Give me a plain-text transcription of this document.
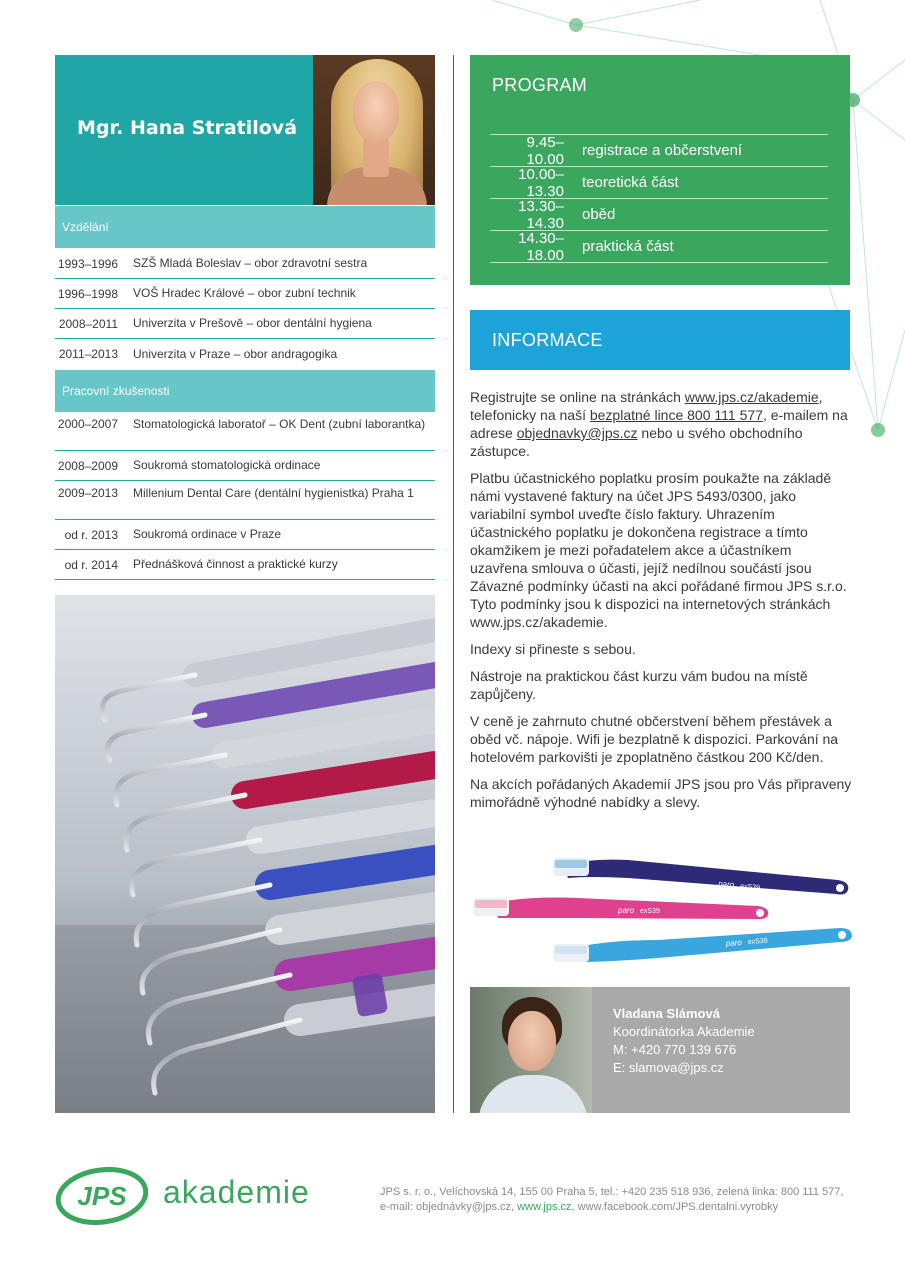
Mgr. Hana Stratilová
Vzdělání
1993–1996	SZŠ Mladá Boleslav – obor zdravotní sestra
1996–1998	VOŠ Hradec Králové – obor zubní technik
2008–2011	Univerzita v Prešově – obor dentální hygiena
2011–2013	Univerzita v Praze – obor andragogika
Pracovní zkušenosti
2000–2007	Stomatologická laboratoř – OK Dent (zubní laborantka)
2008–2009	Soukromá stomatologická ordinace
2009–2013	Millenium Dental Care (dentální hygienistka) Praha 1
od r. 2013	Soukromá ordinace v Praze
od r. 2014	Přednášková činnost a praktické kurzy
PROGRAM
9.45–10.00	registrace a občerstvení
10.00–13.30	teoretická část
13.30–14.30	oběd
14.30–18.00	praktická část
INFORMACE

Registrujte se online na stránkách www.jps.cz/akademie, telefonicky na naší bezplatné lince 800 111 577, e-mailem na adrese objednavky@jps.cz nebo u svého obchodního zástupce.

Platbu účastnického poplatku prosím poukažte na základě námi vystavené faktury na účet JPS 5493/0300, jako variabilní symbol uveďte číslo faktury. Uhrazením účastnického poplatku je dokončena registrace a tímto okamžikem je mezi pořadatelem akce a účastníkem uzavřena smlouva o účasti, jejíž nedílnou součástí jsou Závazné podmínky účasti na akci pořádané firmou JPS s.r.o. Tyto podmínky jsou k dispozici na internetových stránkách www.jps.cz/akademie.

Indexy si přineste s sebou.

Nástroje na praktickou část kurzu vám budou na místě zapůjčeny.

V ceně je zahrnuto chutné občerstvení během přestávek a oběd vč. nápoje. Wifi je bezplatně k dispozici. Parkování na hotelovém parkovišti je zpoplatněno částkou 200 Kč/den.

Na akcích pořádaných Akademií JPS jsou pro Vás připraveny mimořádně výhodné nabídky a slevy.

paro exS39
paro exS39
paro exS39
Vladana Slámová
Koordinátorka Akademie
M: +420 770 139 676
E: slamova@jps.cz
JPS akademie	JPS s. r. o., Velíchovská 14, 155 00 Praha 5, tel.: +420 235 518 936, zelená linka: 800 111 577,
e-mail: objednávky@jps.cz, www.jps.cz, www.facebook.com/JPS.dentalni.vyrobky
